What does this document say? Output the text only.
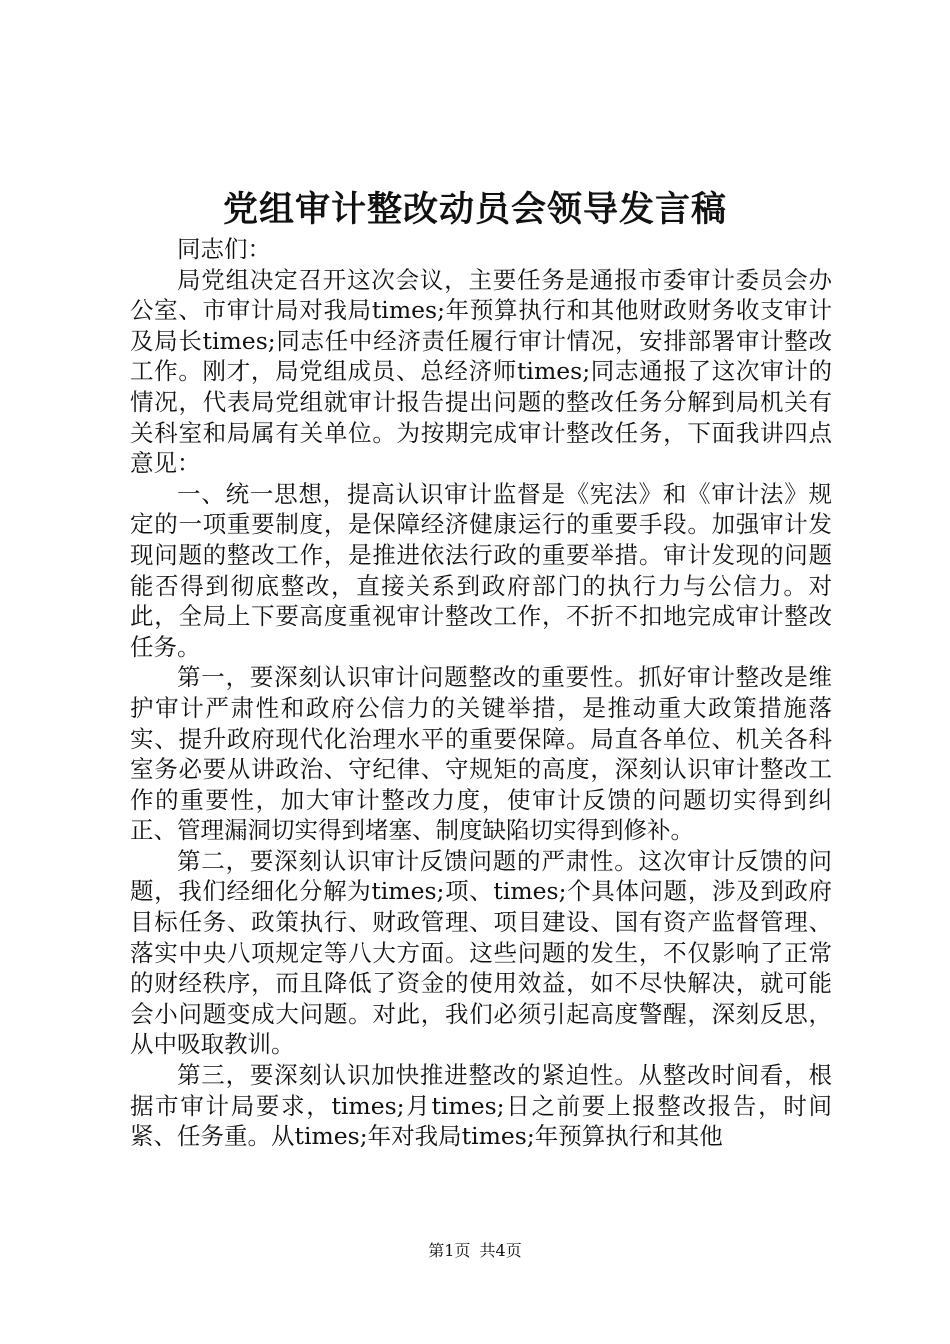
党组审计整改动员会领导发言稿

同志们：

局党组决定召开这次会议，主要任务是通报市委审计委员会办公室、市审计局对我局times;年预算执行和其他财政财务收支审计及局长times;同志任中经济责任履行审计情况，安排部署审计整改工作。刚才，局党组成员、总经济师times;同志通报了这次审计的情况，代表局党组就审计报告提出问题的整改任务分解到局机关有关科室和局属有关单位。为按期完成审计整改任务，下面我讲四点意见：

一、统一思想，提高认识审计监督是《宪法》和《审计法》规定的一项重要制度，是保障经济健康运行的重要手段。加强审计发现问题的整改工作，是推进依法行政的重要举措。审计发现的问题能否得到彻底整改，直接关系到政府部门的执行力与公信力。对此，全局上下要高度重视审计整改工作，不折不扣地完成审计整改任务。

第一，要深刻认识审计问题整改的重要性。抓好审计整改是维护审计严肃性和政府公信力的关键举措，是推动重大政策措施落实、提升政府现代化治理水平的重要保障。局直各单位、机关各科室务必要从讲政治、守纪律、守规矩的高度，深刻认识审计整改工作的重要性，加大审计整改力度，使审计反馈的问题切实得到纠正、管理漏洞切实得到堵塞、制度缺陷切实得到修补。

第二，要深刻认识审计反馈问题的严肃性。这次审计反馈的问题，我们经细化分解为times;项、times;个具体问题，涉及到政府目标任务、政策执行、财政管理、项目建设、国有资产监督管理、落实中央八项规定等八大方面。这些问题的发生，不仅影响了正常的财经秩序，而且降低了资金的使用效益，如不尽快解决，就可能会小问题变成大问题。对此，我们必须引起高度警醒，深刻反思，从中吸取教训。

第三，要深刻认识加快推进整改的紧迫性。从整改时间看，根据市审计局要求，times;月times;日之前要上报整改报告，时间紧、任务重。从times;年对我局times;年预算执行和其他

第1页 共4页
